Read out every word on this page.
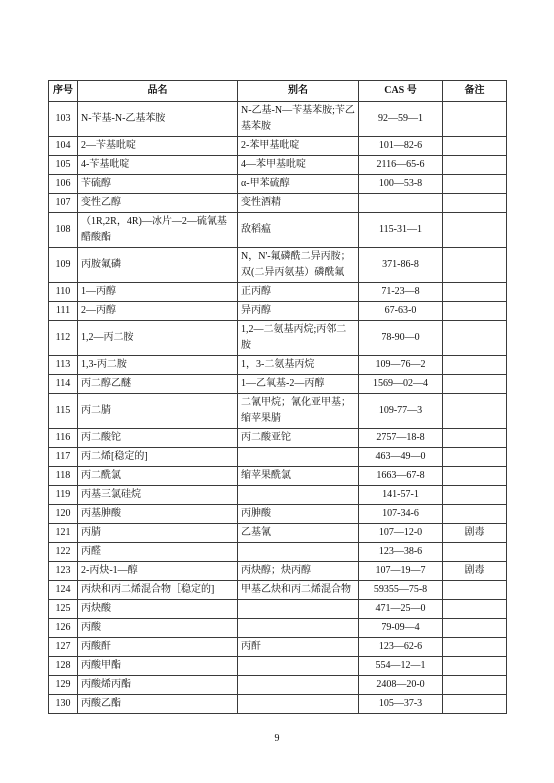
序号	品名	别名	CAS 号	备注
103	N-苄基-N-乙基苯胺	N-乙基-N—苄基苯胺;苄乙基苯胺	92—59—1	
104	2—苄基吡啶	2-苯甲基吡啶	101—82-6	
105	4-苄基吡啶	4—苯甲基吡啶	2116—65-6	
106	苄硫醇	α-甲苯硫醇	100—53-8	
107	变性乙醇	变性酒精		
108	（1R,2R，4R)—冰片—2—硫氰基醋酸酯	敌稻瘟	115-31—1	
109	丙胺氟磷	N，N'-氟磷酰二异丙胺；双(二异丙氨基）磷酰氟	371-86-8	
110	1—丙醇	正丙醇	71-23—8	
111	2—丙醇	异丙醇	67-63-0	
112	1,2—丙二胺	1,2—二氨基丙烷;丙邻二胺	78-90—0	
113	1,3-丙二胺	1，3-二氨基丙烷	109—76—2	
114	丙二醇乙醚	1—乙氧基-2—丙醇	1569—02—4	
115	丙二腈	二氰甲烷；氰化亚甲基；缩苹果腈	109-77—3	
116	丙二酸铊	丙二酸亚铊	2757—18-8	
117	丙二烯[稳定的]		463—49—0	
118	丙二酰氯	缩苹果酰氯	1663—67-8	
119	丙基三氯硅烷		141-57-1	
120	丙基胂酸	丙胂酸	107-34-6	
121	丙腈	乙基氰	107—12-0	剧毒
122	丙醛		123—38-6	
123	2-丙炔-1—醇	丙炔醇；炔丙醇	107—19—7	剧毒
124	丙炔和丙二烯混合物［稳定的]	甲基乙炔和丙二烯混合物	59355—75-8	
125	丙炔酸		471—25—0	
126	丙酸		79-09—4	
127	丙酸酐	丙酐	123—62-6	
128	丙酸甲酯		554—12—1	
129	丙酸烯丙酯		2408—20-0	
130	丙酸乙酯		105—37-3	
9
